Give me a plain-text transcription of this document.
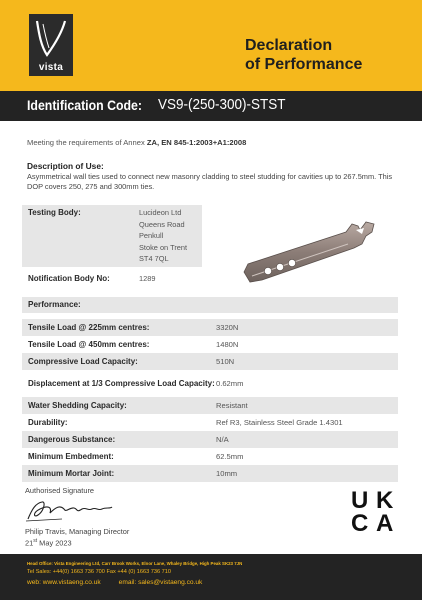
vista
Declaration
of Performance
Identification Code: VS9-(250-300)-STST
Meeting the requirements of Annex ZA, EN 845-1:2003+A1:2008
Description of Use:
Asymmetrical wall ties used to connect new masonry cladding to steel studding for cavities up to 267.5mm. This DOP covers 250, 275 and 300mm ties.
Testing Body:	Lucideon Ltd
Queens Road
Penkull
Stoke on Trent
ST4 7QL
Notification Body No:	1289
Performance:
Tensile Load @ 225mm centres:	3320N
Tensile Load @ 450mm centres:	1480N
Compressive Load Capacity:	510N
Displacement at 1/3 Compressive Load Capacity: 0.62mm
Water Shedding Capacity:	Resistant
Durability:	Ref R3, Stainless Steel Grade 1.4301
Dangerous Substance:	N/A
Minimum Embedment:	62.5mm
Minimum Mortar Joint:	10mm
Authorised Signature
Philip Travis, Managing Director
21st May 2023
U K
C A
Head Office: Vista Engineering Ltd, Carr Brook Works, Elnor Lane, Whaley Bridge, High Peak SK23 7JN
Tel Sales: +44(0) 1663 736 700 Fax +44 (0) 1663 736 710
web: www.vistaeng.co.uk	email: sales@vistaeng.co.uk
